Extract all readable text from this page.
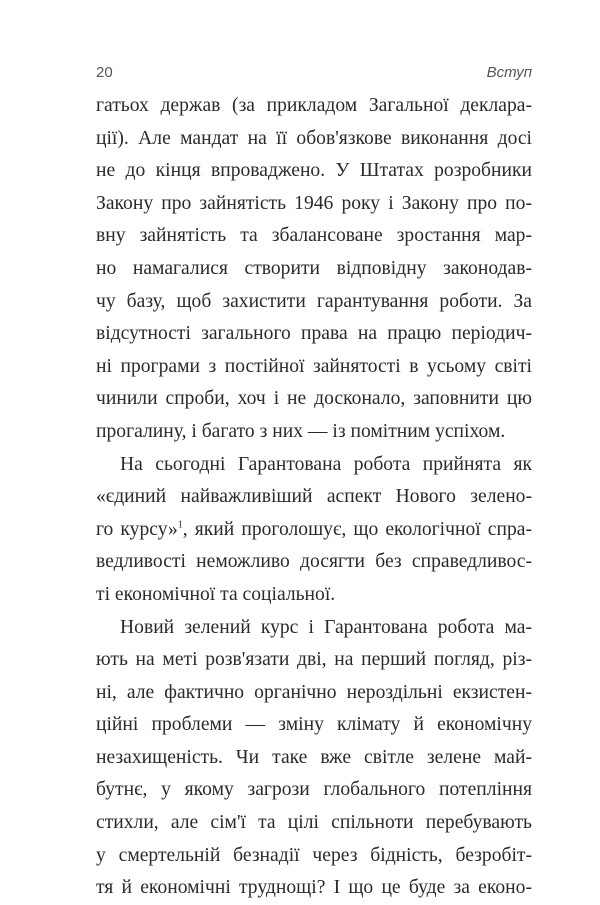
20	Вступ
гатьох держав (за прикладом Загальної деклара-
ції). Але мандат на її обов'язкове виконання досі
не до кінця впроваджено. У Штатах розробники
Закону про зайнятість 1946 року і Закону про по-
вну зайнятість та збалансоване зростання мар-
но намагалися створити відповідну законодав-
чу базу, щоб захистити гарантування роботи. За
відсутності загального права на працю періодич-
ні програми з постійної зайнятості в усьому світі
чинили спроби, хоч і не досконало, заповнити цю
прогалину, і багато з них — із помітним успіхом.
На сьогодні Гарантована робота прийнята як
«єдиний найважливіший аспект Нового зелено-
го курсу»$^1$, який проголошує, що екологічної спра-
ведливості неможливо досягти без справедливос-
ті економічної та соціальної.
Новий зелений курс і Гарантована робота ма-
ють на меті розв'язати дві, на перший погляд, різ-
ні, але фактично органічно нероздільні екзистен-
ційні проблеми — зміну клімату й економічну
незахищеність. Чи таке вже світле зелене май-
бутнє, у якому загрози глобального потепління
стихли, але сім'ї та цілі спільноти перебувають
у смертельній безнадії через бідність, безробіт-
тя й економічні труднощі? І що це буде за еконо-
